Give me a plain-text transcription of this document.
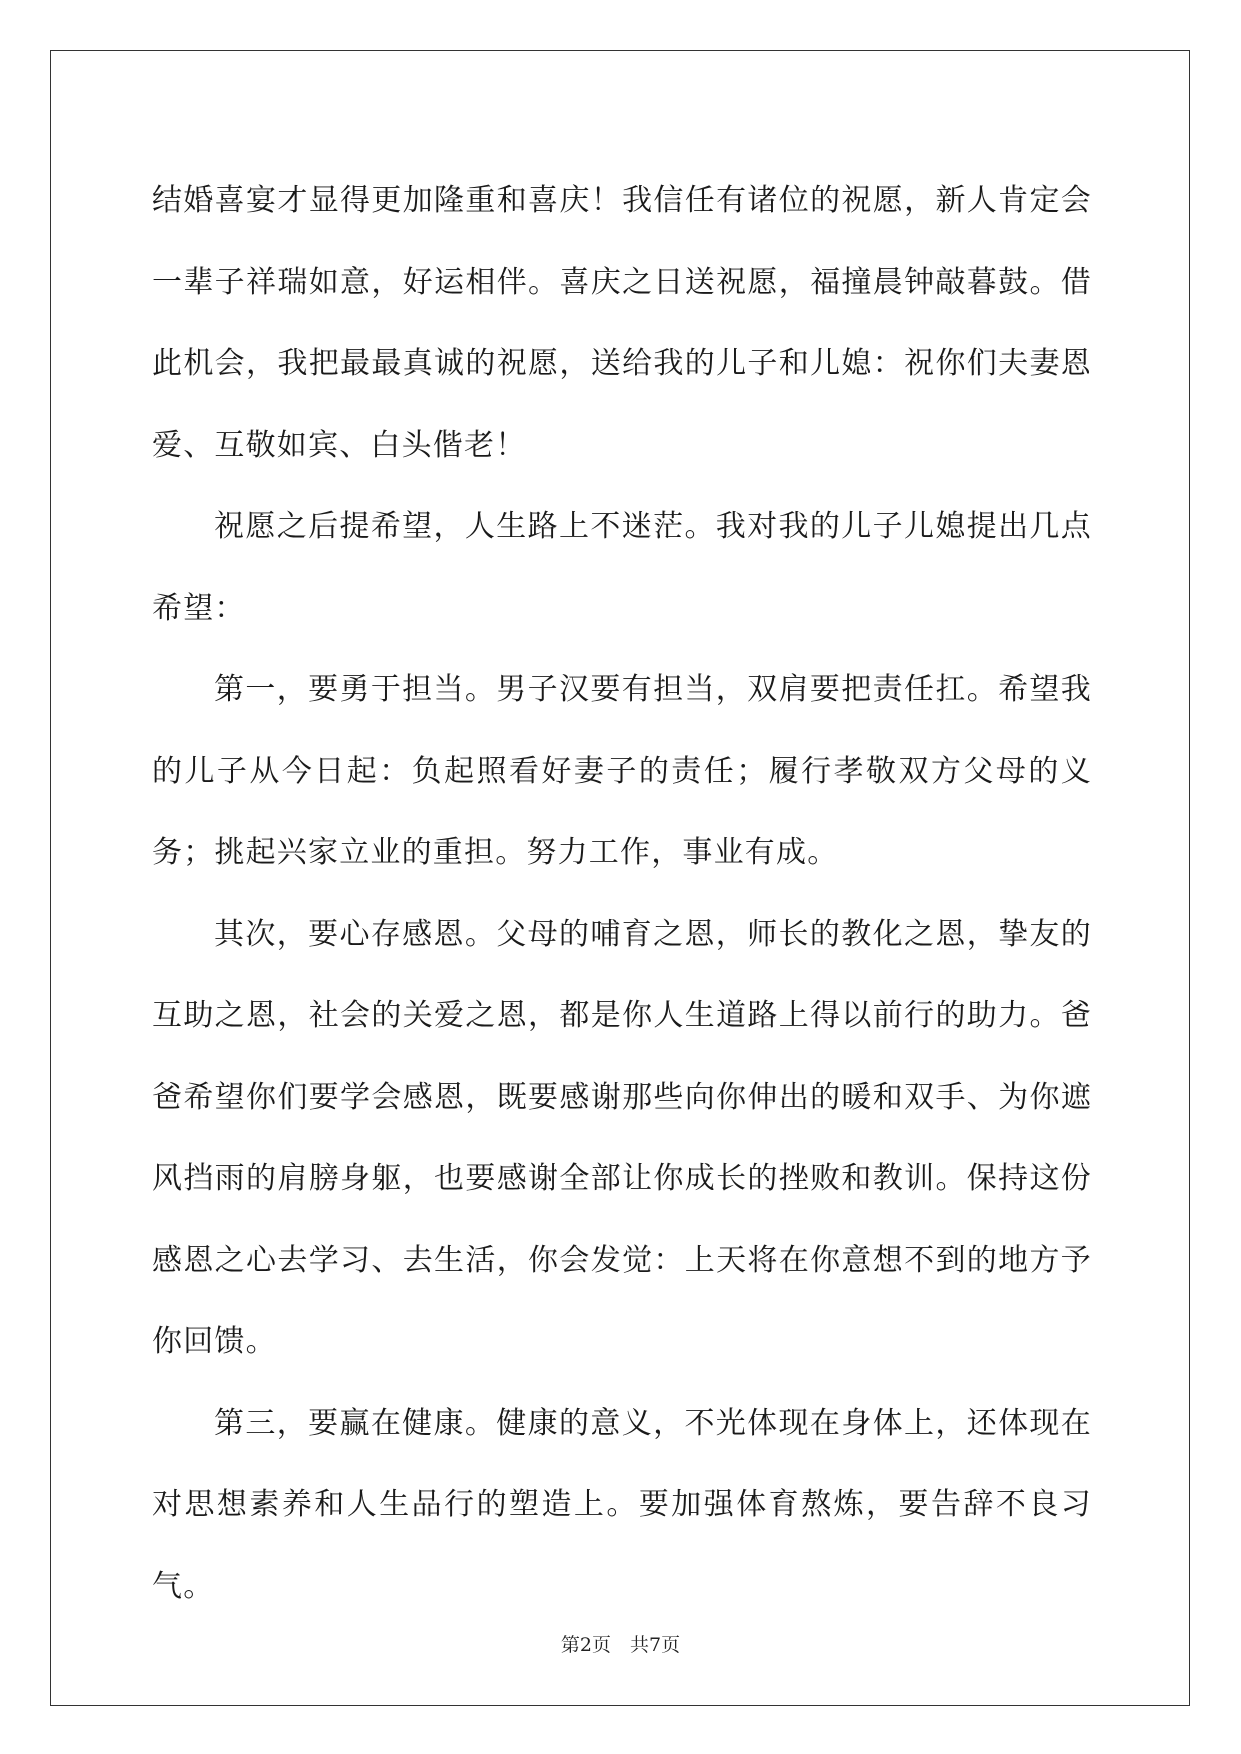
结婚喜宴才显得更加隆重和喜庆！我信任有诸位的祝愿，新人肯定会一辈子祥瑞如意，好运相伴。喜庆之日送祝愿，福撞晨钟敲暮鼓。借此机会，我把最最真诚的祝愿，送给我的儿子和儿媳：祝你们夫妻恩爱、互敬如宾、白头偕老！

祝愿之后提希望，人生路上不迷茫。我对我的儿子儿媳提出几点希望：

第一，要勇于担当。男子汉要有担当，双肩要把责任扛。希望我的儿子从今日起：负起照看好妻子的责任；履行孝敬双方父母的义务；挑起兴家立业的重担。努力工作，事业有成。

其次，要心存感恩。父母的哺育之恩，师长的教化之恩，挚友的互助之恩，社会的关爱之恩，都是你人生道路上得以前行的助力。爸爸希望你们要学会感恩，既要感谢那些向你伸出的暖和双手、为你遮风挡雨的肩膀身躯，也要感谢全部让你成长的挫败和教训。保持这份感恩之心去学习、去生活，你会发觉：上天将在你意想不到的地方予你回馈。

第三，要赢在健康。健康的意义，不光体现在身体上，还体现在对思想素养和人生品行的塑造上。要加强体育熬炼，要告辞不良习气。

第2页　共7页
